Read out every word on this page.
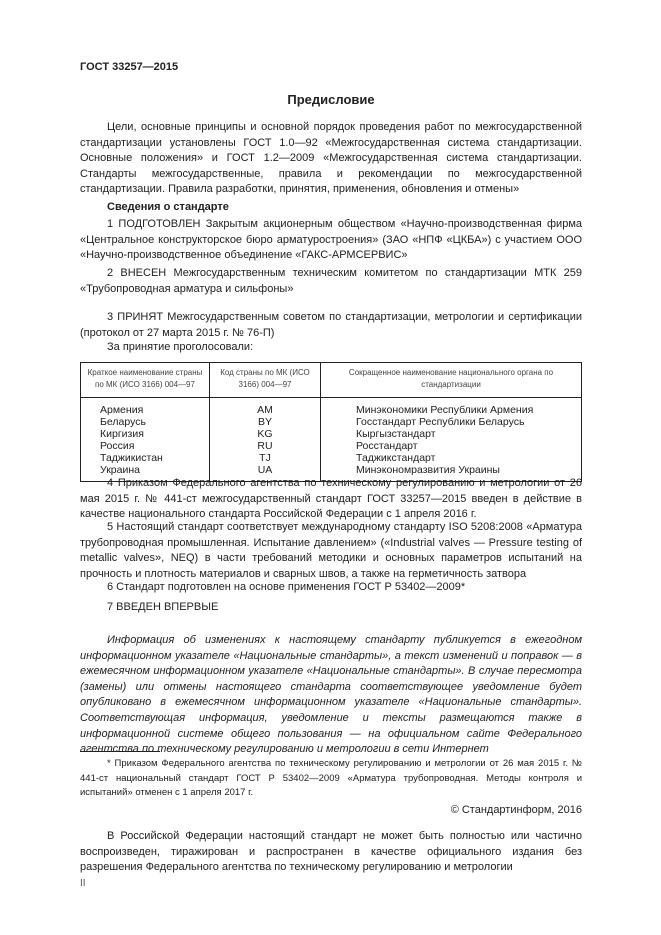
ГОСТ 33257—2015
Предисловие
Цели, основные принципы и основной порядок проведения работ по межгосударственной стандартизации установлены ГОСТ 1.0—92 «Межгосударственная система стандартизации. Основные положения» и ГОСТ 1.2—2009 «Межгосударственная система стандартизации. Стандарты межгосударственные, правила и рекомендации по межгосударственной стандартизации. Правила разработки, принятия, применения, обновления и отмены»
Сведения о стандарте
1 ПОДГОТОВЛЕН Закрытым акционерным обществом «Научно-производственная фирма «Центральное конструкторское бюро арматуростроения» (ЗАО «НПФ «ЦКБА») с участием ООО «Научно-производственное объединение «ГАКС-АРМСЕРВИС»
2 ВНЕСЕН Межгосударственным техническим комитетом по стандартизации МТК 259 «Трубопроводная арматура и сильфоны»
3 ПРИНЯТ Межгосударственным советом по стандартизации, метрологии и сертификации (протокол от 27 марта 2015 г. № 76-П)
За принятие проголосовали:
Краткое наименование страны по МК (ИСО 3166) 004—97	Код страны по МК (ИСО 3166) 004—97	Сокращенное наименование национального органа по стандартизации
Армения	AM	Минэкономики Республики Армения
Беларусь	BY	Госстандарт Республики Беларусь
Киргизия	KG	Кыргызстандарт
Россия	RU	Росстандарт
Таджикистан	TJ	Таджикстандарт
Украина	UA	Минэкономразвития Украины
4 Приказом Федерального агентства по техническому регулированию и метрологии от 26 мая 2015 г. № 441-ст межгосударственный стандарт ГОСТ 33257—2015 введен в действие в качестве национального стандарта Российской Федерации с 1 апреля 2016 г.
5 Настоящий стандарт соответствует международному стандарту ISO 5208:2008 «Арматура трубопроводная промышленная. Испытание давлением» («Industrial valves — Pressure testing of metallic valves», NEQ) в части требований методики и основных параметров испытаний на прочность и плотность материалов и сварных швов, а также на герметичность затвора
6 Стандарт подготовлен на основе применения ГОСТ Р 53402—2009*
7 ВВЕДЕН ВПЕРВЫЕ
Информация об изменениях к настоящему стандарту публикуется в ежегодном информационном указателе «Национальные стандарты», а текст изменений и поправок — в ежемесячном информационном указателе «Национальные стандарты». В случае пересмотра (замены) или отмены настоящего стандарта соответствующее уведомление будет опубликовано в ежемесячном информационном указателе «Национальные стандарты». Соответствующая информация, уведомление и тексты размещаются также в информационной системе общего пользования — на официальном сайте Федерального агентства по техническому регулированию и метрологии в сети Интернет
* Приказом Федерального агентства по техническому регулированию и метрологии от 26 мая 2015 г. № 441-ст национальный стандарт ГОСТ Р 53402—2009 «Арматура трубопроводная. Методы контроля и испытаний» отменен с 1 апреля 2017 г.
© Стандартинформ, 2016
В Российской Федерации настоящий стандарт не может быть полностью или частично воспроизведен, тиражирован и распространен в качестве официального издания без разрешения Федерального агентства по техническому регулированию и метрологии
II
